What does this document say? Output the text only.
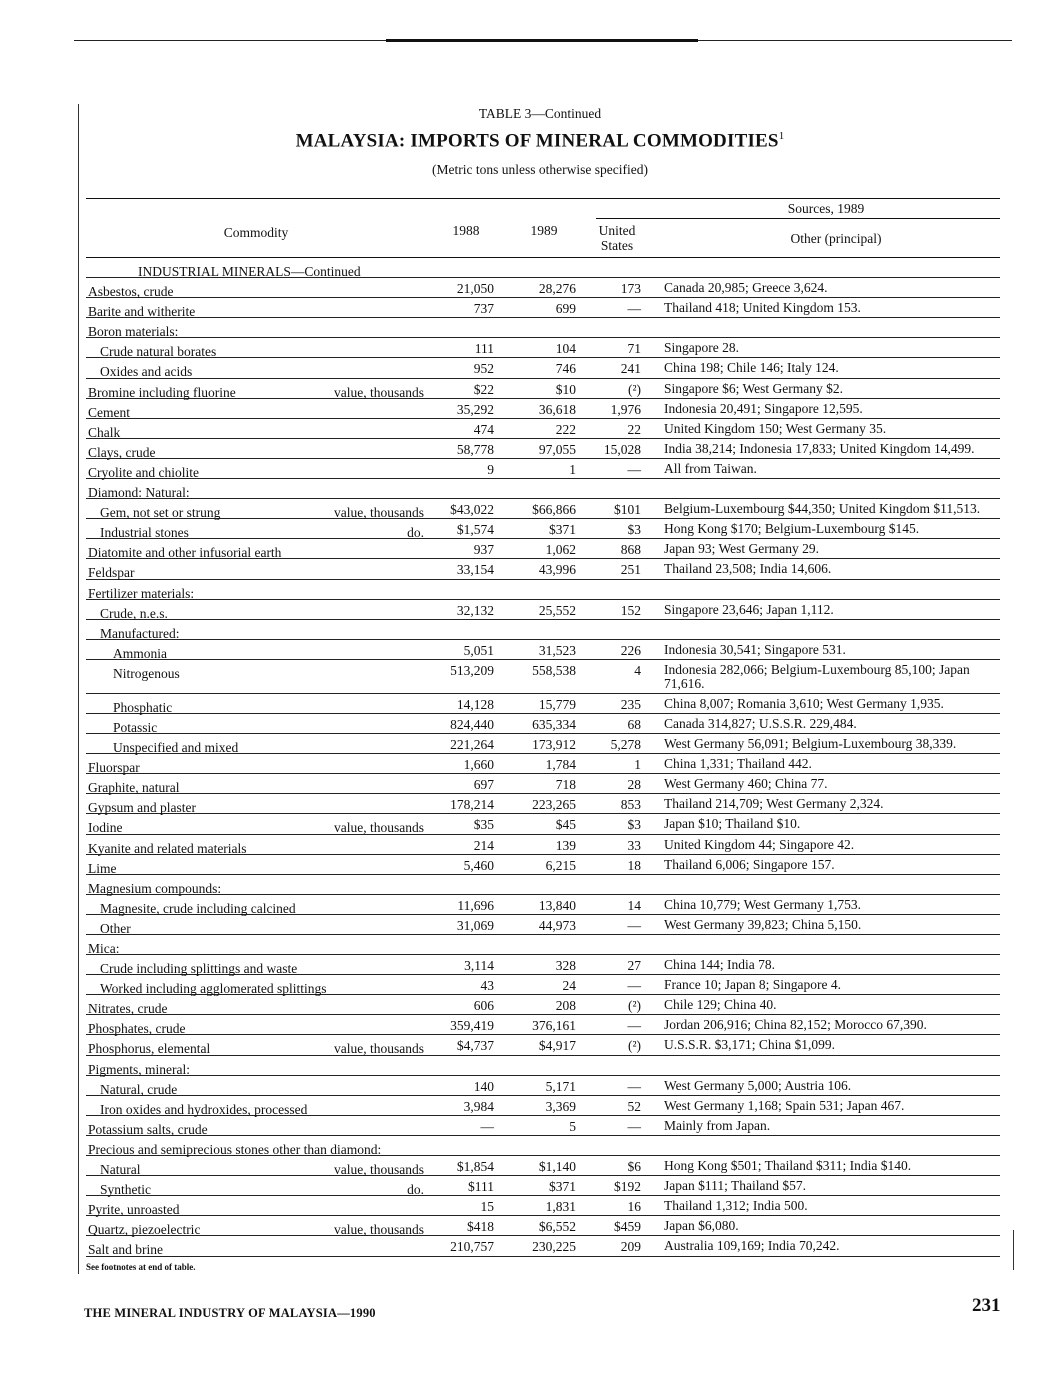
TABLE 3—Continued
MALAYSIA: IMPORTS OF MINERAL COMMODITIES$^1$
(Metric tons unless otherwise specified)
Commodity	1988	1989
Sources, 1989
United States	Other (principal)
INDUSTRIAL MINERALS—Continued
Asbestos, crude	21,050	28,276	173 Canada 20,985; Greece 3,624.
Barite and witherite	737	699	— Thailand 418; United Kingdom 153.
Boron materials:
Crude natural borates	111	104	71 Singapore 28.
Oxides and acids	952	746	241 China 198; Chile 146; Italy 124.
Bromine including fluorine	value, thousands	$22	$10	(²) Singapore $6; West Germany $2.
Cement	35,292	36,618	1,976 Indonesia 20,491; Singapore 12,595.
Chalk	474	222	22 United Kingdom 150; West Germany 35.
Clays, crude	58,778	97,055	15,028 India 38,214; Indonesia 17,833; United Kingdom 14,499.
Cryolite and chiolite	9	1	— All from Taiwan.
Diamond: Natural:
Gem, not set or strung	value, thousands	$43,022	$66,866	$101 Belgium-Luxembourg $44,350; United Kingdom $11,513.
Industrial stones	do.	$1,574	$371	$3 Hong Kong $170; Belgium-Luxembourg $145.
Diatomite and other infusorial earth	937	1,062	868 Japan 93; West Germany 29.
Feldspar	33,154	43,996	251 Thailand 23,508; India 14,606.
Fertilizer materials:
Crude, n.e.s.	32,132	25,552	152 Singapore 23,646; Japan 1,112.
Manufactured:
Ammonia	5,051	31,523	226 Indonesia 30,541; Singapore 531.
Nitrogenous	513,209	558,538	4 Indonesia 282,066; Belgium-Luxembourg 85,100; Japan 71,616.
Phosphatic	14,128	15,779	235 China 8,007; Romania 3,610; West Germany 1,935.
Potassic	824,440	635,334	68 Canada 314,827; U.S.S.R. 229,484.
Unspecified and mixed	221,264	173,912	5,278 West Germany 56,091; Belgium-Luxembourg 38,339.
Fluorspar	1,660	1,784	1 China 1,331; Thailand 442.
Graphite, natural	697	718	28 West Germany 460; China 77.
Gypsum and plaster	178,214	223,265	853 Thailand 214,709; West Germany 2,324.
Iodine	value, thousands	$35	$45	$3 Japan $10; Thailand $10.
Kyanite and related materials	214	139	33 United Kingdom 44; Singapore 42.
Lime	5,460	6,215	18 Thailand 6,006; Singapore 157.
Magnesium compounds:
Magnesite, crude including calcined	11,696	13,840	14 China 10,779; West Germany 1,753.
Other	31,069	44,973	— West Germany 39,823; China 5,150.
Mica:
Crude including splittings and waste	3,114	328	27 China 144; India 78.
Worked including agglomerated splittings	43	24	— France 10; Japan 8; Singapore 4.
Nitrates, crude	606	208	(²) Chile 129; China 40.
Phosphates, crude	359,419	376,161	— Jordan 206,916; China 82,152; Morocco 67,390.
Phosphorus, elemental	value, thousands	$4,737	$4,917	(²) U.S.S.R. $3,171; China $1,099.
Pigments, mineral:
Natural, crude	140	5,171	— West Germany 5,000; Austria 106.
Iron oxides and hydroxides, processed	3,984	3,369	52 West Germany 1,168; Spain 531; Japan 467.
Potassium salts, crude	—	5	— Mainly from Japan.
Precious and semiprecious stones other than diamond:
Natural	value, thousands	$1,854	$1,140	$6 Hong Kong $501; Thailand $311; India $140.
Synthetic	do.	$111	$371	$192 Japan $111; Thailand $57.
Pyrite, unroasted	15	1,831	16 Thailand 1,312; India 500.
Quartz, piezoelectric	value, thousands	$418	$6,552	$459 Japan $6,080.
Salt and brine	210,757	230,225	209 Australia 109,169; India 70,242.
See footnotes at end of table.
THE MINERAL INDUSTRY OF MALAYSIA—1990	231
